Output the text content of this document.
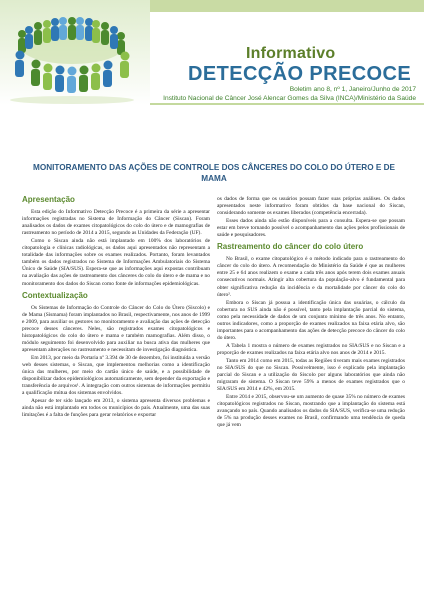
Informativo
DETECÇÃO PRECOCE
Boletim ano 8, nº 1, Janeiro/Junho de 2017
Instituto Nacional de Câncer José Alencar Gomes da Silva (INCA)/Ministério da Saúde
MONITORAMENTO DAS AÇÕES DE CONTROLE DOS CÂNCERES DO COLO DO ÚTERO E DE MAMA
Apresentação

Esta edição do Informativo Detecção Precoce é a primeira da série a apresentar informações registradas no Sistema de Informação do Câncer (Siscan). Foram analisados os dados de exames citopatológicos do colo do útero e de mamografias de rastreamento no período de 2014 a 2015, segundo as Unidades da Federação (UF).

Como o Siscan ainda não está implantado em 100% dos laboratórios de citopatologia e clínicas radiológicas, os dados aqui apresentados não representam a totalidade das informações sobre os exames realizados. Portanto, foram levantados também os dados registrados no Sistema de Informações Ambulatoriais do Sistema Único de Saúde (SIA/SUS). Espera-se que as informações aqui expostas contribuam na avaliação das ações de rastreamento dos cânceres do colo do útero e de mama e no monitoramento dos dados do Siscan como fonte de informações epidemiológicas.

Contextualização

Os Sistemas de Informação do Controle do Câncer do Colo do Útero (Siscolo) e de Mama (Sismama) foram implantados no Brasil, respectivamente, nos anos de 1999 e 2009, para auxiliar os gestores no monitoramento e avaliação das ações de detecção precoce desses cânceres. Neles, são registrados exames citopatológicos e histopatológicos do colo do útero e mama e também mamografias. Além disso, o módulo seguimento foi desenvolvido para auxiliar na busca ativa das mulheres que apresentam alterações no rastreamento e necessitam de investigação diagnóstica.

Em 2013, por meio da Portaria nº 3.394 de 30 de dezembro, foi instituída a versão web desses sistemas, o Siscan, que implementou melhorias como a identificação única das mulheres, por meio do cartão único de saúde, e a possibilidade de disponibilizar dados epidemiológicos automaticamente, sem depender da exportação e transferência de arquivos¹. A integração com outros sistemas de informações permitiu a qualificação mútua dos sistemas envolvidos.

Apesar de ter sido lançado em 2013, o sistema apresenta diversos problemas e ainda não está implantado em todos os municípios do país. Atualmente, uma das suas limitações é a falta de funções para gerar relatórios e exportar

os dados de forma que os usuários possam fazer suas próprias análises. Os dados apresentados neste informativo foram obtidos da base nacional do Siscan, considerando somente os exames liberados (competência encerrada).

Esses dados ainda não estão disponíveis para a consulta. Espera-se que possam estar em breve tornando possível o acompanhamento das ações pelos profissionais de saúde e pesquisadores.

Rastreamento do câncer do colo útero

No Brasil, o exame citopatológico é o método indicado para o rastreamento do câncer do colo do útero. A recomendação do Ministério da Saúde é que as mulheres entre 25 e 64 anos realizem o exame a cada três anos após terem dois exames anuais consecutivos normais. Atingir alta cobertura da população-alvo é fundamental para obter significativa redução da incidência e da mortalidade por câncer do colo do útero².

Embora o Siscan já possua a identificação única das usuárias, o cálculo da cobertura no SUS ainda não é possível, tanto pela implantação parcial do sistema, como pela necessidade de dados de um conjunto mínimo de três anos. No entanto, outros indicadores, como a proporção de exames realizados na faixa etária alvo, são importantes para o acompanhamento das ações de detecção precoce do câncer do colo do útero.

A Tabela 1 mostra o número de exames registrados no SIA/SUS e no Siscan e a proporção de exames realizados na faixa etária alvo nos anos de 2014 e 2015.

Tanto em 2014 como em 2015, todas as Regiões tiveram mais exames registrados no SIA/SUS do que no Siscan. Possivelmente, isso é explicado pela implantação parcial do Siscan e a utilização do Siscolo por alguns laboratórios que ainda não migraram de sistema. O Siscan teve 59% a menos de exames registrados que o SIA/SUS em 2014 e 42%, em 2015.

Entre 2014 e 2015, observou-se um aumento de quase 35% no número de exames citopatológicos registrados no Siscan, mostrando que a implantação do sistema está avançando no país. Quando analisados os dados do SIA/SUS, verifica-se uma redução de 5% na produção desses exames no Brasil, confirmando uma tendência de queda que já vem
